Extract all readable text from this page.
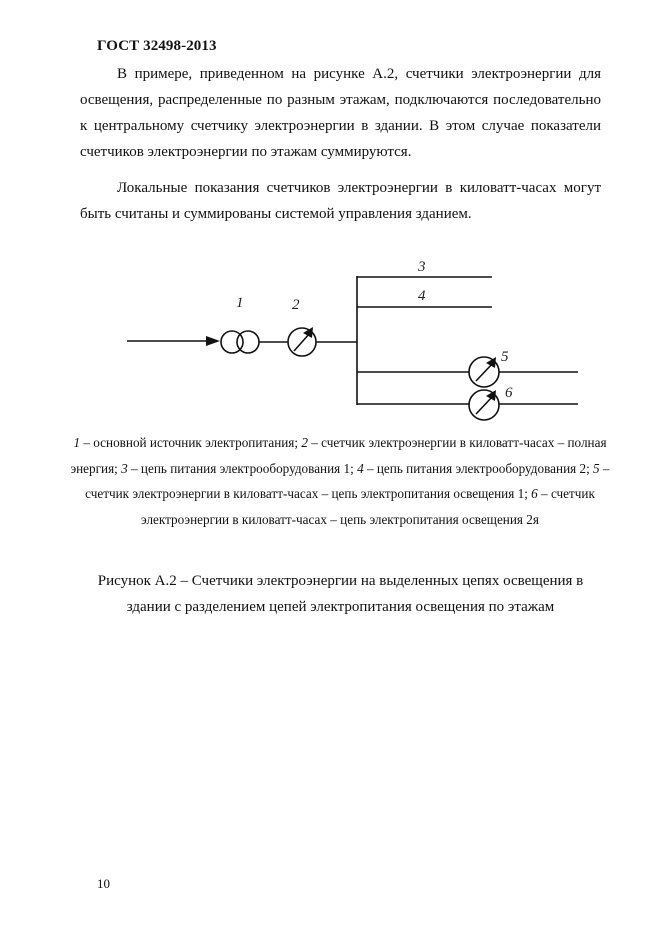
ГОСТ 32498-2013

В примере, приведенном на рисунке А.2, счетчики электроэнергии для освещения, распределенные по разным этажам, подключаются последовательно к центральному счетчику электроэнергии в здании. В этом случае показатели счетчиков электроэнергии по этажам суммируются.

Локальные показания счетчиков электроэнергии в киловатт-часах могут быть считаны и суммированы системой управления зданием.

1	2
3
4
5
6

1 – основной источник электропитания; 2 – счетчик электроэнергии в киловатт-часах – полная энергия; 3 – цепь питания электрооборудования 1; 4 – цепь питания электрооборудования 2; 5 – счетчик электроэнергии в киловатт-часах – цепь электропитания освещения 1; 6 – счетчик электроэнергии в киловатт-часах – цепь электропитания освещения 2я

Рисунок А.2 – Счетчики электроэнергии на выделенных цепях освещения в здании с разделением цепей электропитания освещения по этажам

10
